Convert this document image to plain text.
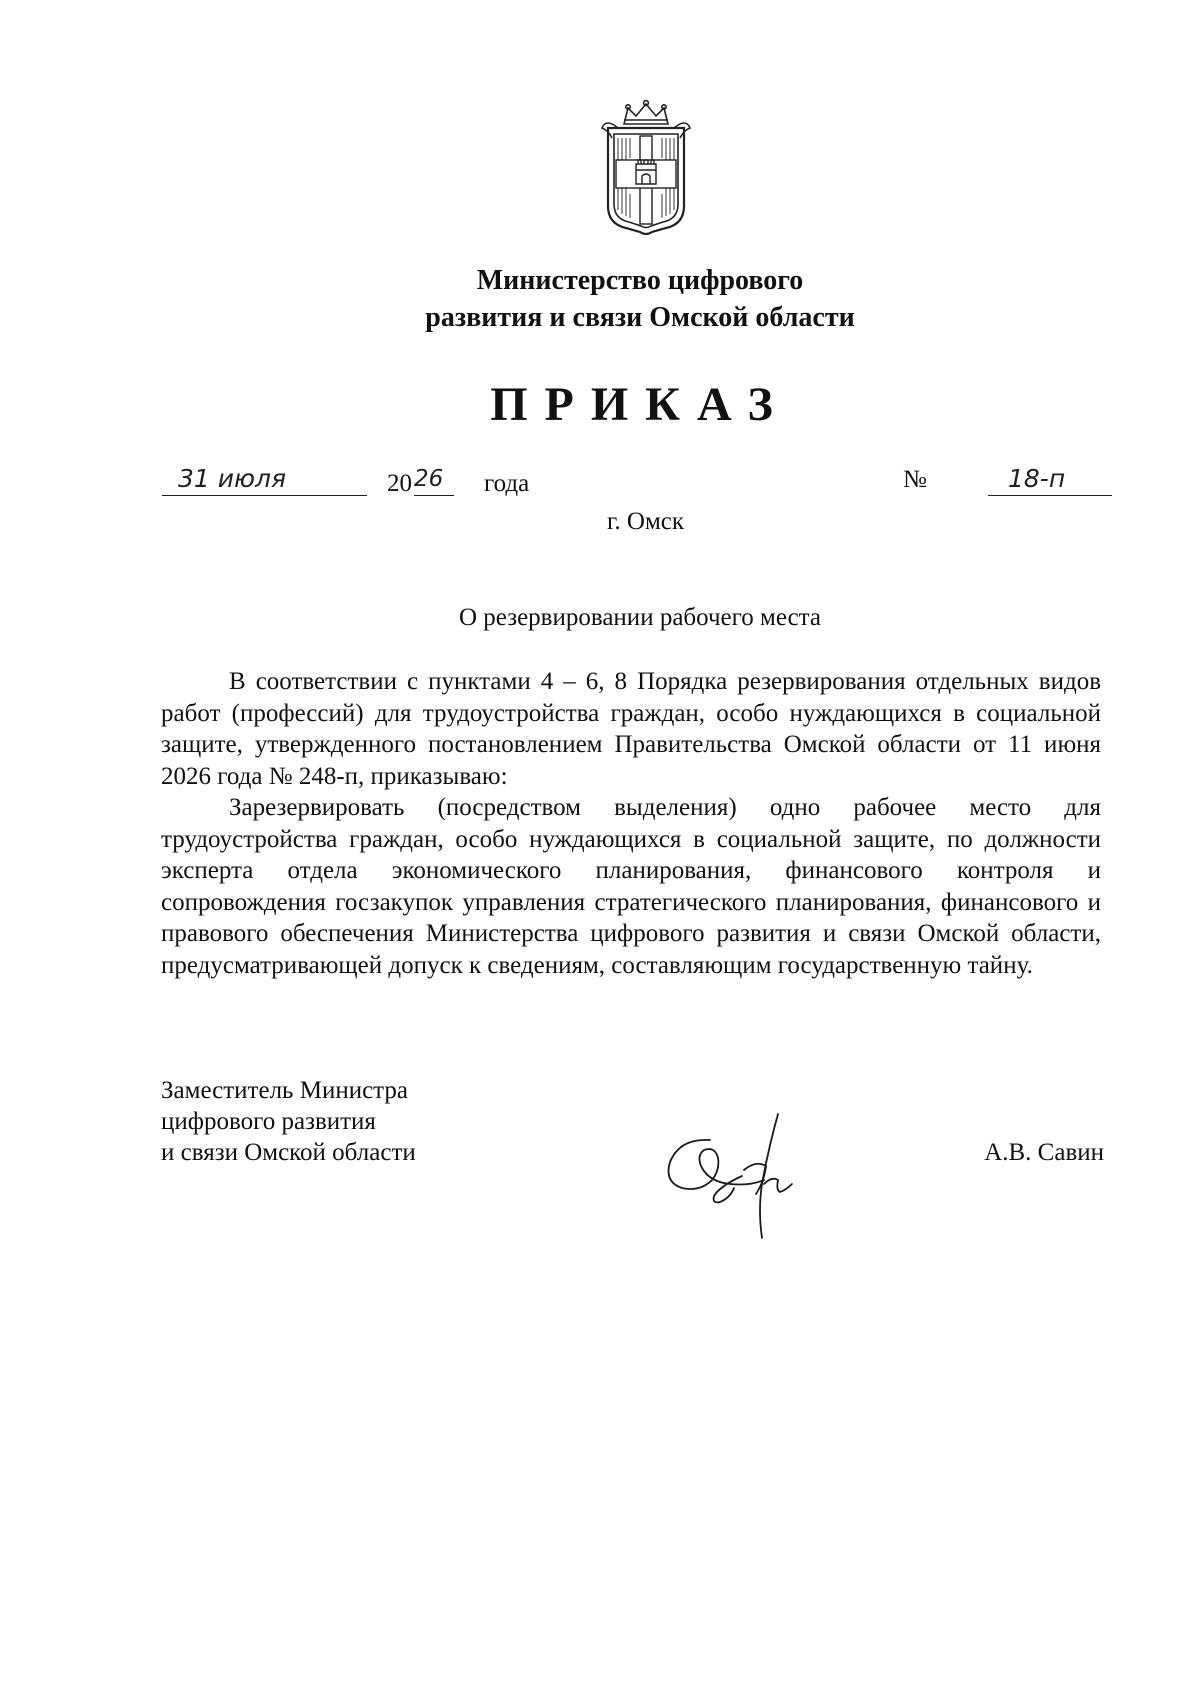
Министерство цифрового
развития и связи Омской области
ПРИКАЗ
31 июля	20 26 года	№	18-п
г. Омск
О резервировании рабочего места
В соответствии с пунктами 4 – 6, 8 Порядка резервирования отдельных видов работ (профессий) для трудоустройства граждан, особо нуждающихся в социальной защите, утвержденного постановлением Правительства Омской области от 11 июня 2026 года № 248-п, приказываю:
Зарезервировать (посредством выделения) одно рабочее место для трудоустройства граждан, особо нуждающихся в социальной защите, по должности эксперта отдела экономического планирования, финансового контроля и сопровождения госзакупок управления стратегического планирования, финансового и правового обеспечения Министерства цифрового развития и связи Омской области, предусматривающей допуск к сведениям, составляющим государственную тайну.
Заместитель Министра
цифрового развития
и связи Омской области	А.В. Савин
